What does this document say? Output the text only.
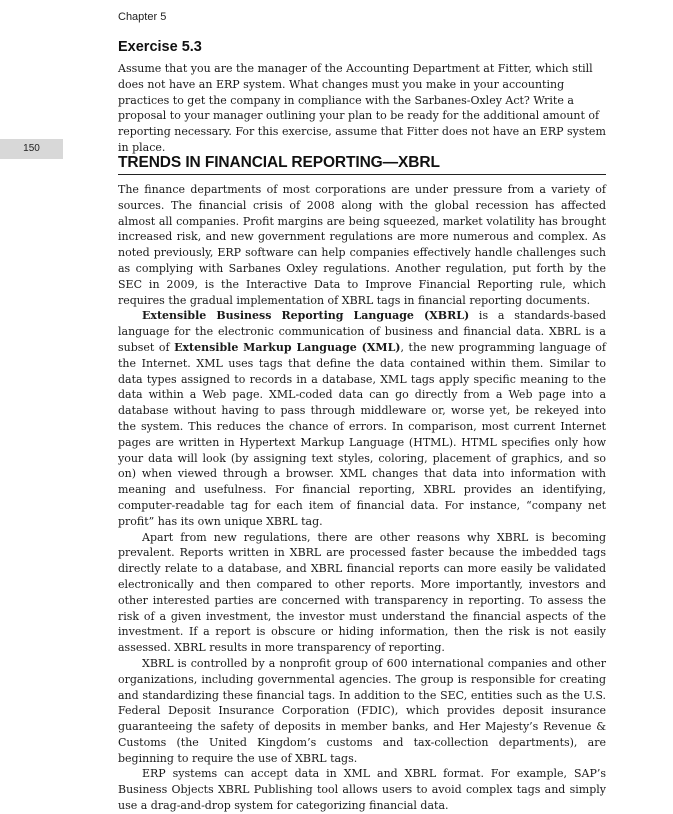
Chapter 5
Exercise 5.3

Assume that you are the manager of the Accounting Department at Fitter, which still does not have an ERP system. What changes must you make in your accounting practices to get the company in compliance with the Sarbanes-Oxley Act? Write a proposal to your manager outlining your plan to be ready for the additional amount of reporting necessary. For this exercise, assume that Fitter does not have an ERP system in place.

150
TRENDS IN FINANCIAL REPORTING—XBRL

The finance departments of most corporations are under pressure from a variety of sources. The financial crisis of 2008 along with the global recession has affected almost all companies. Profit margins are being squeezed, market volatility has brought increased risk, and new government regulations are more numerous and complex. As noted previously, ERP software can help companies effectively handle challenges such as complying with Sarbanes Oxley regulations. Another regulation, put forth by the SEC in 2009, is the Interactive Data to Improve Financial Reporting rule, which requires the gradual implementation of XBRL tags in financial reporting documents.

Extensible Business Reporting Language (XBRL) is a standards-based language for the electronic communication of business and financial data. XBRL is a subset of Extensible Markup Language (XML), the new programming language of the Internet. XML uses tags that define the data contained within them. Similar to data types assigned to records in a database, XML tags apply specific meaning to the data within a Web page. XML-coded data can go directly from a Web page into a database without having to pass through middleware or, worse yet, be rekeyed into the system. This reduces the chance of errors. In comparison, most current Internet pages are written in Hypertext Markup Language (HTML). HTML specifies only how your data will look (by assigning text styles, coloring, placement of graphics, and so on) when viewed through a browser. XML changes that data into information with meaning and usefulness. For financial reporting, XBRL provides an identifying, computer-readable tag for each item of financial data. For instance, “company net profit” has its own unique XBRL tag.

Apart from new regulations, there are other reasons why XBRL is becoming prevalent. Reports written in XBRL are processed faster because the imbedded tags directly relate to a database, and XBRL financial reports can more easily be validated electronically and then compared to other reports. More importantly, investors and other interested parties are concerned with transparency in reporting. To assess the risk of a given investment, the investor must understand the financial aspects of the investment. If a report is obscure or hiding information, then the risk is not easily assessed. XBRL results in more transparency of reporting.

XBRL is controlled by a nonprofit group of 600 international companies and other organizations, including governmental agencies. The group is responsible for creating and standardizing these financial tags. In addition to the SEC, entities such as the U.S. Federal Deposit Insurance Corporation (FDIC), which provides deposit insurance guaranteeing the safety of deposits in member banks, and Her Majesty’s Revenue & Customs (the United Kingdom’s customs and tax-collection departments), are beginning to require the use of XBRL tags.

ERP systems can accept data in XML and XBRL format. For example, SAP’s Business Objects XBRL Publishing tool allows users to avoid complex tags and simply use a drag-and-drop system for categorizing financial data.
